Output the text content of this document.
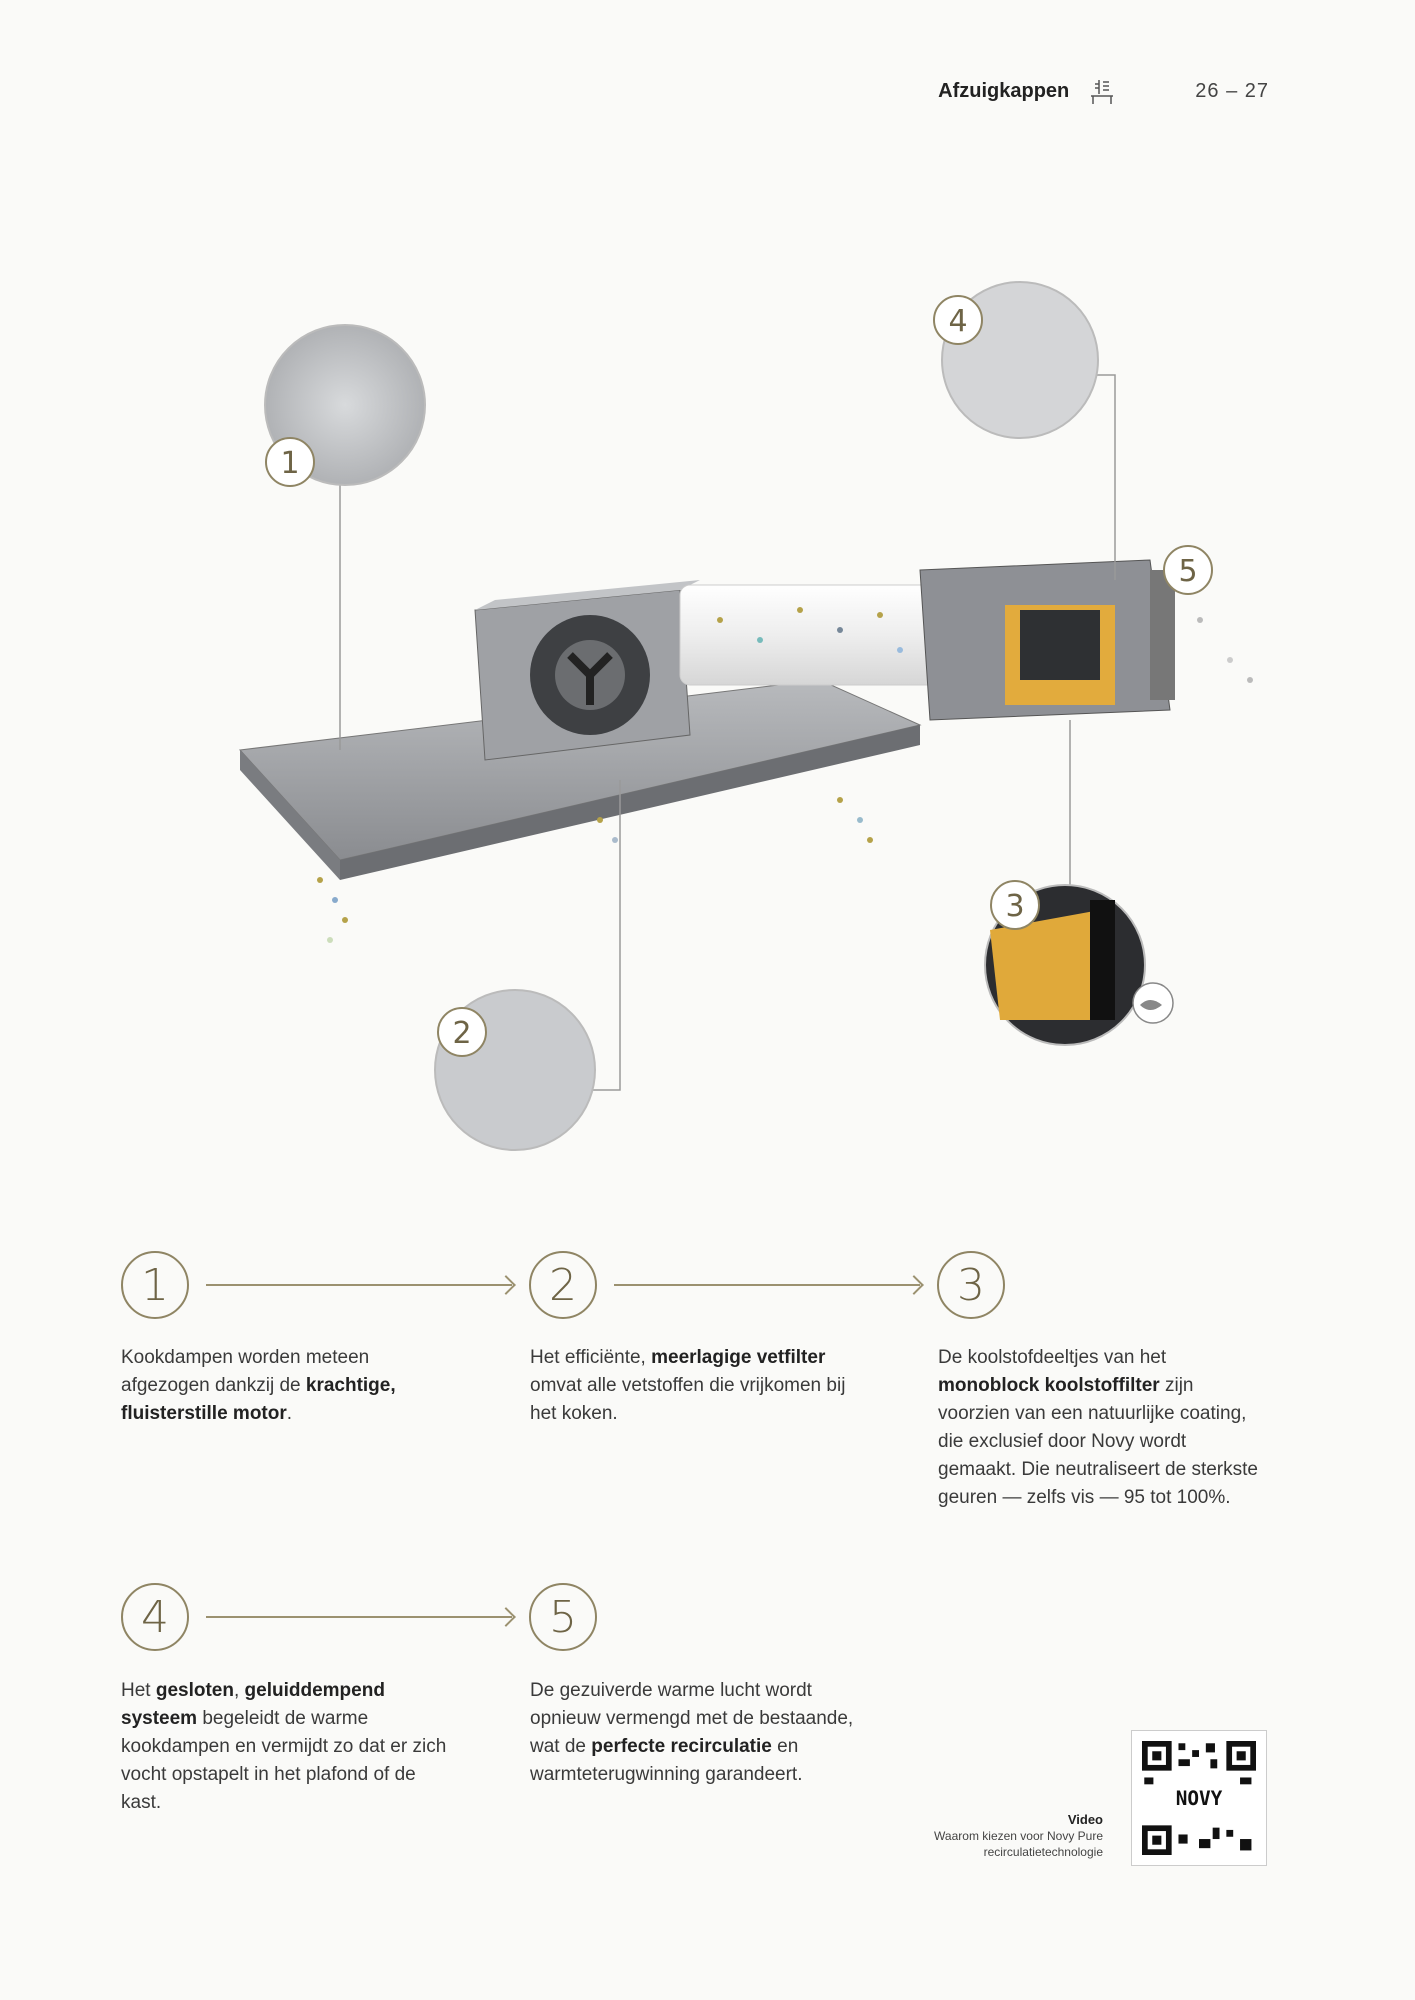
Afzuigkappen	26 – 27
1
2
3
4
5
1	2	3
Kookdampen worden meteen afgezogen dankzij de krachtige, fluisterstille motor.
Het efficiënte, meerlagige vetfilter omvat alle vetstoffen die vrijkomen bij het koken.
De koolstofdeeltjes van het monoblock koolstoffilter zijn voorzien van een natuurlijke coating, die exclusief door Novy wordt gemaakt. Die neutraliseert de sterkste geuren — zelfs vis — 95 tot 100%.
4	5
Het gesloten, geluiddempend systeem begeleidt de warme kookdampen en vermijdt zo dat er zich vocht opstapelt in het plafond of de kast.
De gezuiverde warme lucht wordt opnieuw vermengd met de bestaande, wat de perfecte recirculatie en warmteterugwinning garandeert.
Video
Waarom kiezen voor Novy Pure
recirculatietechnologie
NOVY
